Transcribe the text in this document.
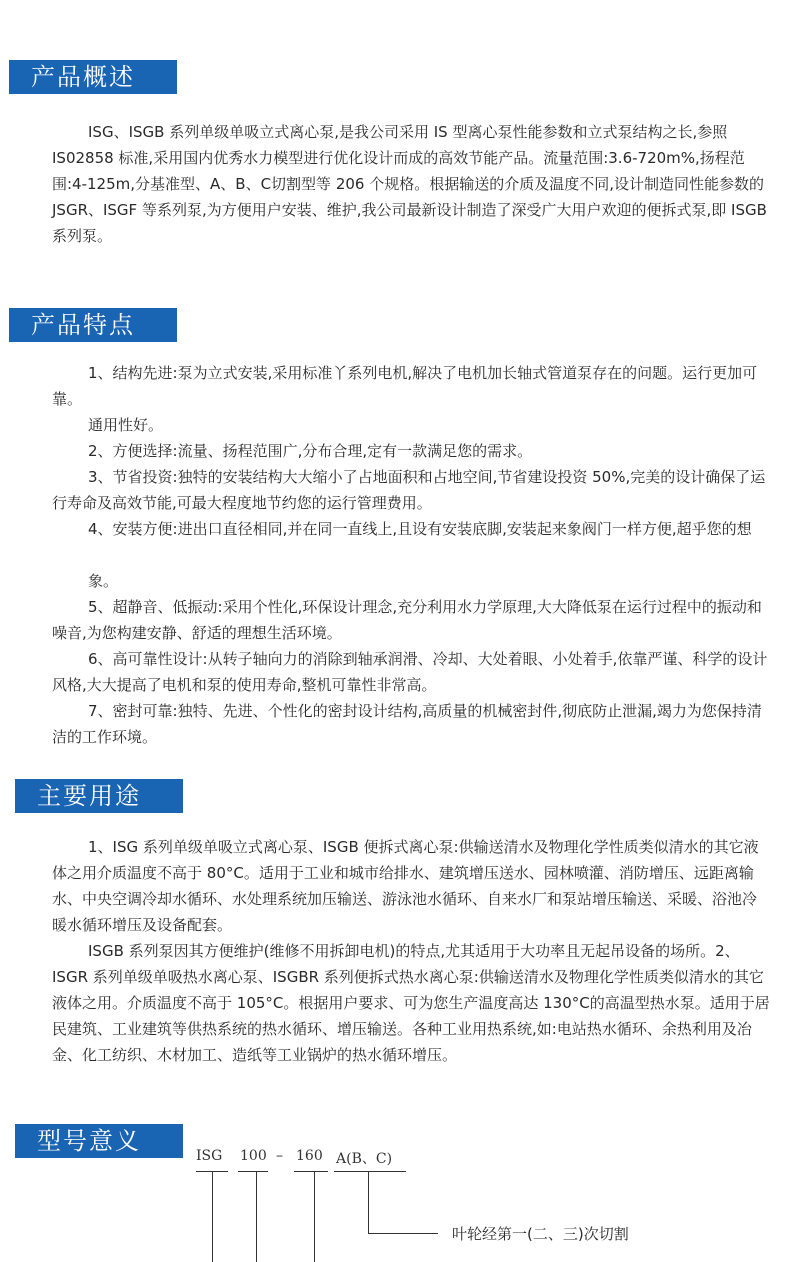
产品概述

ISG、ISGB 系列单级单吸立式离心泵,是我公司采用 IS 型离心泵性能参数和立式泵结构之长,参照 IS02858 标准,采用国内优秀水力模型进行优化设计而成的高效节能产品。流量范围:3.6-720m%,扬程范围:4-125m,分基准型、A、B、C切割型等 206 个规格。根据输送的介质及温度不同,设计制造同性能参数的JSGR、ISGF 等系列泵,为方便用户安装、维护,我公司最新设计制造了深受广大用户欢迎的便拆式泵,即 ISGB 系列泵。

产品特点

1、结构先进:泵为立式安装,采用标准丫系列电机,解决了电机加长轴式管道泵存在的问题。运行更加可靠。

通用性好。

2、方便选择:流量、扬程范围广,分布合理,定有一款满足您的需求。

3、节省投资:独特的安装结构大大缩小了占地面积和占地空间,节省建设投资 50%,完美的设计确保了运行寿命及高效节能,可最大程度地节约您的运行管理费用。

4、安装方便:进出口直径相同,并在同一直线上,且设有安装底脚,安装起来象阀门一样方便,超乎您的想

象。

5、超静音、低振动:采用个性化,环保设计理念,充分利用水力学原理,大大降低泵在运行过程中的振动和噪音,为您构建安静、舒适的理想生活环境。

6、高可靠性设计:从转子轴向力的消除到轴承润滑、冷却、大处着眼、小处着手,依靠严谨、科学的设计风格,大大提高了电机和泵的使用寿命,整机可靠性非常高。

7、密封可靠:独特、先进、个性化的密封设计结构,高质量的机械密封件,彻底防止泄漏,竭力为您保持清洁的工作环境。

主要用途

1、ISG 系列单级单吸立式离心泵、ISGB 便拆式离心泵:供输送清水及物理化学性质类似清水的其它液体之用介质温度不高于 80°C。适用于工业和城市给排水、建筑增压送水、园林喷灌、消防增压、远距离输水、中央空调冷却水循环、水处理系统加压输送、游泳池水循环、自来水厂和泵站增压输送、采暖、浴池冷暖水循环增压及设备配套。

ISGB 系列泵因其方便维护(维修不用拆卸电机)的特点,尤其适用于大功率且无起吊设备的场所。2、ISGR 系列单级单吸热水离心泵、ISGBR 系列便拆式热水离心泵:供输送清水及物理化学性质类似清水的其它液体之用。介质温度不高于 105°C。根据用户要求、可为您生产温度高达 130°C的高温型热水泵。适用于居民建筑、工业建筑等供热系统的热水循环、增压输送。各种工业用热系统,如:电站热水循环、余热利用及冶金、化工纺织、木材加工、造纸等工业锅炉的热水循环增压。

型号意义
ISG 100 – 160 A(B、C)
叶轮经第一(二、三)次切割
